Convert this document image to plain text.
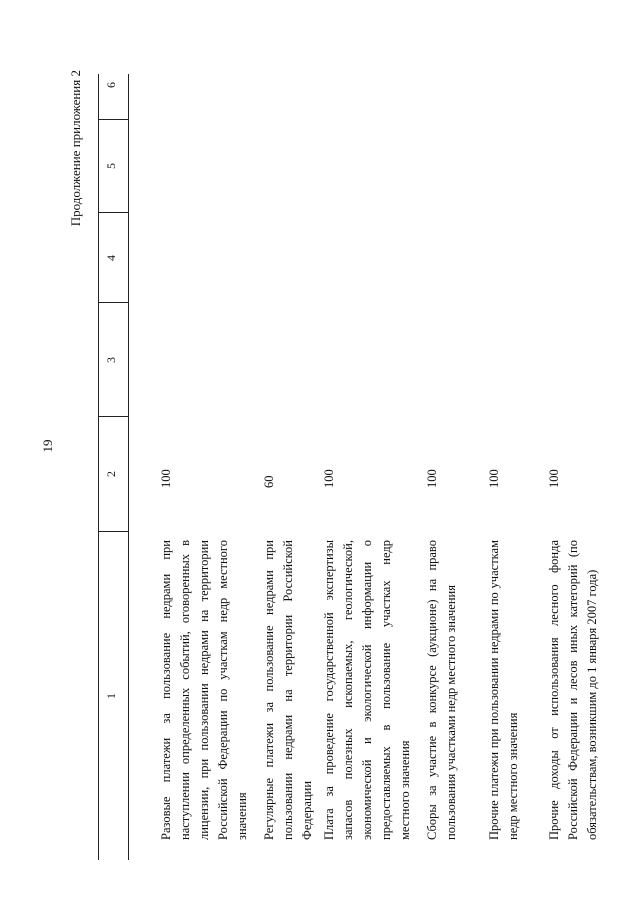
19
Продолжение приложения 2
1
2
3
4
5
6
Разовые платежи за пользование недрами при наступлении определенных событий, оговоренных в лицензии, при пользовании недрами на территории Российской Федерации по участкам недр местного значения
100
Регулярные платежи за пользование недрами при пользовании недрами на территории Российской Федерации
60
Плата за проведение государственной экспертизы запасов полезных ископаемых, геологической, экономической и экологической информации о предоставляемых в пользование участках недр местного значения
100
Сборы за участие в конкурсе (аукционе) на право пользования участками недр местного значения
100
Прочие платежи при пользовании недрами по участкам недр местного значения
100
Прочие доходы от использования лесного фонда Российской Федерации и лесов иных категорий (по обязательствам, возникшим до 1 января 2007 года)
100
